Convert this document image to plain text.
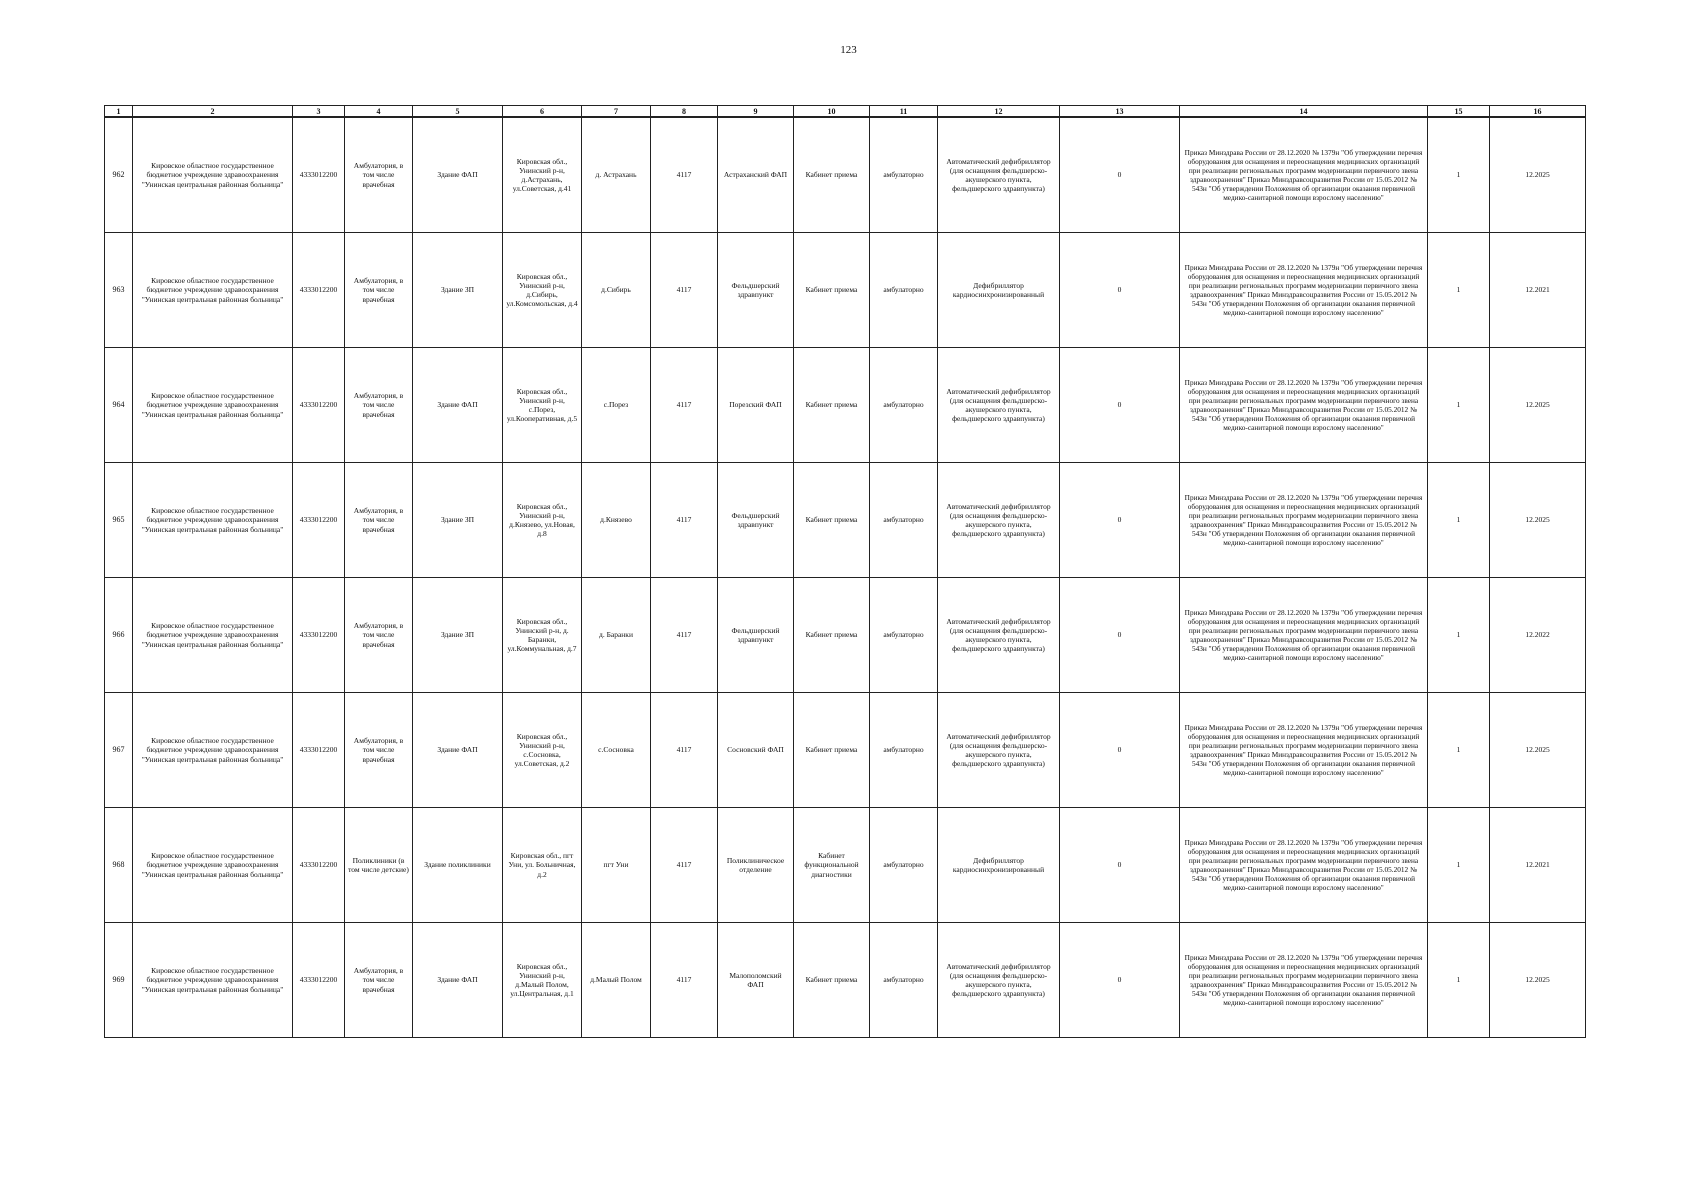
123
1	2	3	4	5	6	7	8	9	10	11	12	13	14	15	16
962	Кировское областное государственное бюджетное учреждение здравоохранения "Унинская центральная районная больница"	4333012200	Амбулатория, в том числе врачебная	Здание ФАП	Кировская обл., Унинский р-н, д.Астрахань, ул.Советская, д.41	д. Астрахань	4117	Астраханский ФАП	Кабинет приема	амбулаторно	Автоматический дефибриллятор (для оснащения фельдшерско-акушерского пункта, фельдшерского здравпункта)	0	Приказ Минздрава России от 28.12.2020 № 1379н "Об утверждении перечня оборудования для оснащения и переоснащения медицинских организаций при реализации региональных программ модернизации первичного звена здравоохранения" Приказ Минздравсоцразвития России от 15.05.2012 № 543н "Об утверждении Положения об организации оказания первичной медико-санитарной помощи взрослому населению"	1	12.2025
963	Кировское областное государственное бюджетное учреждение здравоохранения "Унинская центральная районная больница"	4333012200	Амбулатория, в том числе врачебная	Здание ЗП	Кировская обл., Унинский р-н, д.Сибирь, ул.Комсомольская, д.4	д.Сибирь	4117	Фельдшерский здравпункт	Кабинет приема	амбулаторно	Дефибриллятор кардиосинхронизированный	0	Приказ Минздрава России от 28.12.2020 № 1379н "Об утверждении перечня оборудования для оснащения и переоснащения медицинских организаций при реализации региональных программ модернизации первичного звена здравоохранения" Приказ Минздравсоцразвития России от 15.05.2012 № 543н "Об утверждении Положения об организации оказания первичной медико-санитарной помощи взрослому населению"	1	12.2021
964	Кировское областное государственное бюджетное учреждение здравоохранения "Унинская центральная районная больница"	4333012200	Амбулатория, в том числе врачебная	Здание ФАП	Кировская обл., Унинский р-н, с.Порез, ул.Кооперативная, д.5	с.Порез	4117	Порезский ФАП	Кабинет приема	амбулаторно	Автоматический дефибриллятор (для оснащения фельдшерско-акушерского пункта, фельдшерского здравпункта)	0	Приказ Минздрава России от 28.12.2020 № 1379н "Об утверждении перечня оборудования для оснащения и переоснащения медицинских организаций при реализации региональных программ модернизации первичного звена здравоохранения" Приказ Минздравсоцразвития России от 15.05.2012 № 543н "Об утверждении Положения об организации оказания первичной медико-санитарной помощи взрослому населению"	1	12.2025
965	Кировское областное государственное бюджетное учреждение здравоохранения "Унинская центральная районная больница"	4333012200	Амбулатория, в том числе врачебная	Здание ЗП	Кировская обл., Унинский р-н, д.Князево, ул.Новая, д.8	д.Князево	4117	Фельдшерский здравпункт	Кабинет приема	амбулаторно	Автоматический дефибриллятор (для оснащения фельдшерско-акушерского пункта, фельдшерского здравпункта)	0	Приказ Минздрава России от 28.12.2020 № 1379н "Об утверждении перечня оборудования для оснащения и переоснащения медицинских организаций при реализации региональных программ модернизации первичного звена здравоохранения" Приказ Минздравсоцразвития России от 15.05.2012 № 543н "Об утверждении Положения об организации оказания первичной медико-санитарной помощи взрослому населению"	1	12.2025
966	Кировское областное государственное бюджетное учреждение здравоохранения "Унинская центральная районная больница"	4333012200	Амбулатория, в том числе врачебная	Здание ЗП	Кировская обл., Унинский р-н, д. Баранки, ул.Коммунальная, д.7	д. Баранки	4117	Фельдшерский здравпункт	Кабинет приема	амбулаторно	Автоматический дефибриллятор (для оснащения фельдшерско-акушерского пункта, фельдшерского здравпункта)	0	Приказ Минздрава России от 28.12.2020 № 1379н "Об утверждении перечня оборудования для оснащения и переоснащения медицинских организаций при реализации региональных программ модернизации первичного звена здравоохранения" Приказ Минздравсоцразвития России от 15.05.2012 № 543н "Об утверждении Положения об организации оказания первичной медико-санитарной помощи взрослому населению"	1	12.2022
967	Кировское областное государственное бюджетное учреждение здравоохранения "Унинская центральная районная больница"	4333012200	Амбулатория, в том числе врачебная	Здание ФАП	Кировская обл., Унинский р-н, с.Сосновка, ул.Советская, д.2	с.Сосновка	4117	Сосновский ФАП	Кабинет приема	амбулаторно	Автоматический дефибриллятор (для оснащения фельдшерско-акушерского пункта, фельдшерского здравпункта)	0	Приказ Минздрава России от 28.12.2020 № 1379н "Об утверждении перечня оборудования для оснащения и переоснащения медицинских организаций при реализации региональных программ модернизации первичного звена здравоохранения" Приказ Минздравсоцразвития России от 15.05.2012 № 543н "Об утверждении Положения об организации оказания первичной медико-санитарной помощи взрослому населению"	1	12.2025
968	Кировское областное государственное бюджетное учреждение здравоохранения "Унинская центральная районная больница"	4333012200	Поликлиники (в том числе детские)	Здание поликлиники	Кировская обл., пгт Уни, ул. Больничная, д.2	пгт Уни	4117	Поликлиническое отделение	Кабинет функциональной диагностики	амбулаторно	Дефибриллятор кардиосинхронизированный	0	Приказ Минздрава России от 28.12.2020 № 1379н "Об утверждении перечня оборудования для оснащения и переоснащения медицинских организаций при реализации региональных программ модернизации первичного звена здравоохранения" Приказ Минздравсоцразвития России от 15.05.2012 № 543н "Об утверждении Положения об организации оказания первичной медико-санитарной помощи взрослому населению"	1	12.2021
969	Кировское областное государственное бюджетное учреждение здравоохранения "Унинская центральная районная больница"	4333012200	Амбулатория, в том числе врачебная	Здание ФАП	Кировская обл., Унинский р-н, д.Малый Полом, ул.Центральная, д.1	д.Малый Полом	4117	Малополомский ФАП	Кабинет приема	амбулаторно	Автоматический дефибриллятор (для оснащения фельдшерско-акушерского пункта, фельдшерского здравпункта)	0	Приказ Минздрава России от 28.12.2020 № 1379н "Об утверждении перечня оборудования для оснащения и переоснащения медицинских организаций при реализации региональных программ модернизации первичного звена здравоохранения" Приказ Минздравсоцразвития России от 15.05.2012 № 543н "Об утверждении Положения об организации оказания первичной медико-санитарной помощи взрослому населению"	1	12.2025
